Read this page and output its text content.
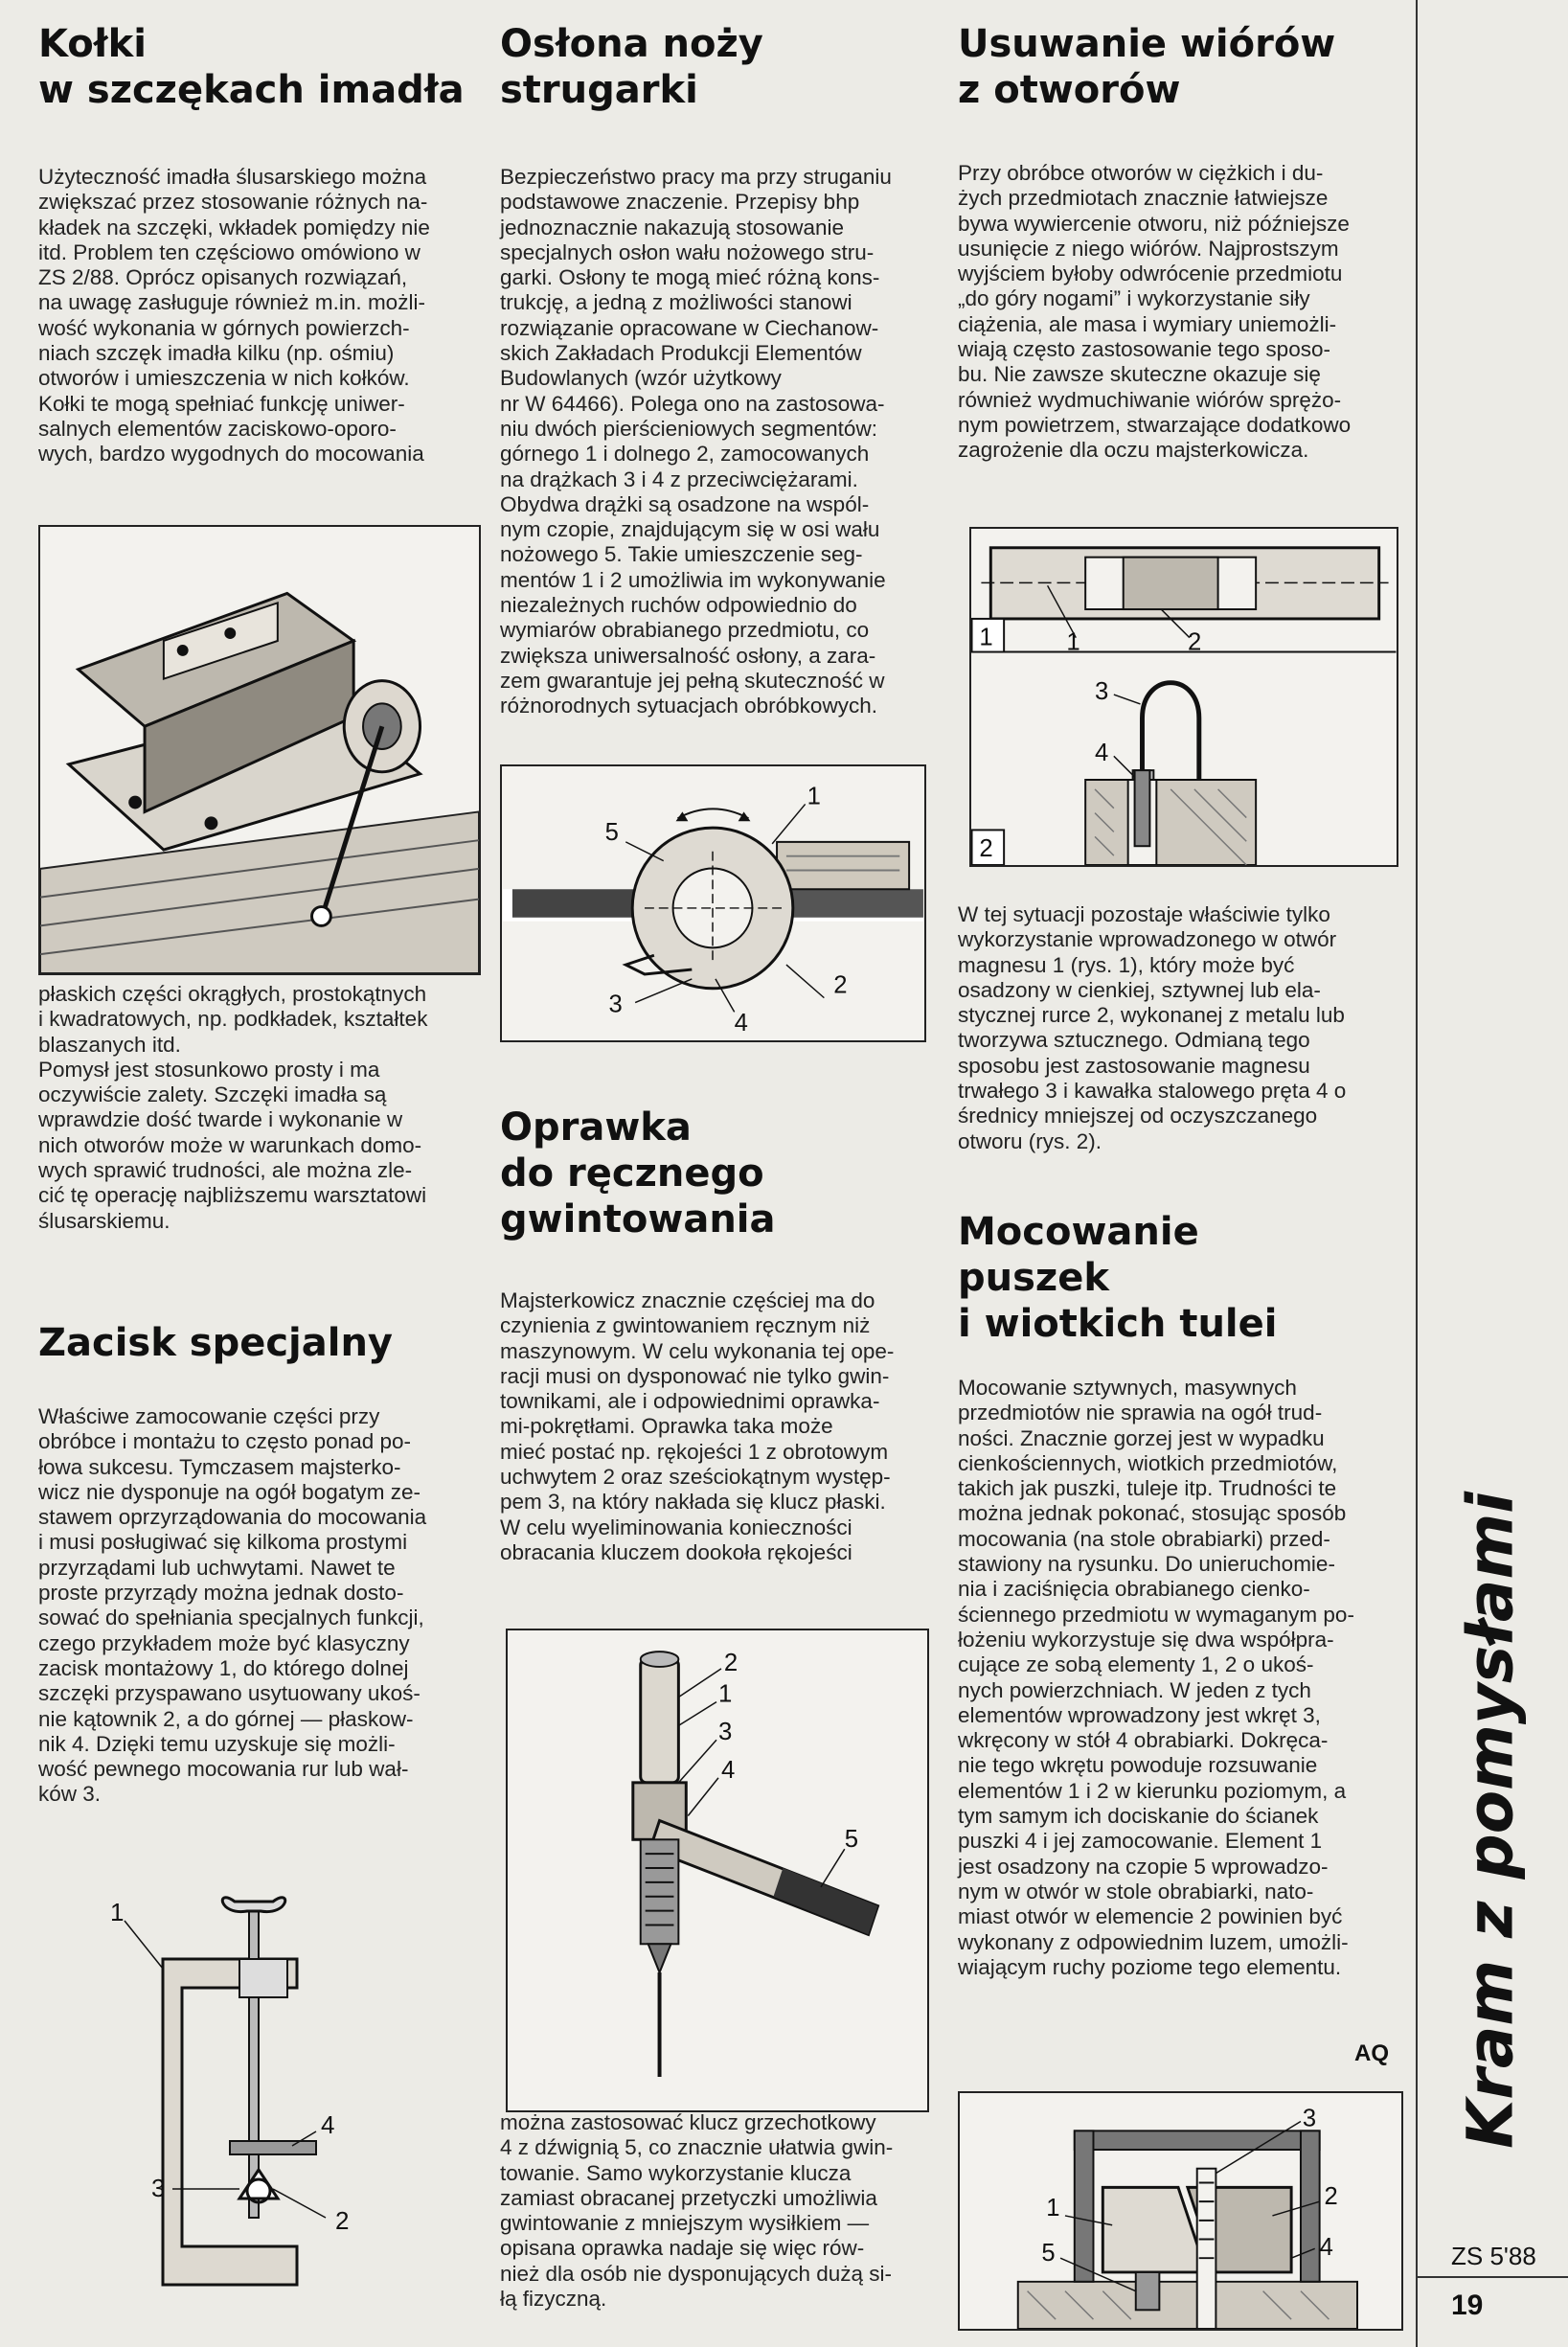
Kołki
w szczękach imadła

Użyteczność imadła ślusarskiego można
zwiększać przez stosowanie różnych na-
kładek na szczęki, wkładek pomiędzy nie
itd. Problem ten częściowo omówiono w
ZS 2/88. Oprócz opisanych rozwiązań,
na uwagę zasługuje również m.in. możli-
wość wykonania w górnych powierzch-
niach szczęk imadła kilku (np. ośmiu)
otworów i umieszczenia w nich kołków.
Kołki te mogą spełniać funkcję uniwer-
salnych elementów zaciskowo-oporo-
wych, bardzo wygodnych do mocowania

płaskich części okrągłych, prostokątnych
i kwadratowych, np. podkładek, kształtek
blaszanych itd.
Pomysł jest stosunkowo prosty i ma
oczywiście zalety. Szczęki imadła są
wprawdzie dość twarde i wykonanie w
nich otworów może w warunkach domo-
wych sprawić trudności, ale można zle-
cić tę operację najbliższemu warsztatowi
ślusarskiemu.

Zacisk specjalny

Właściwe zamocowanie części przy
obróbce i montażu to często ponad po-
łowa sukcesu. Tymczasem majsterko-
wicz nie dysponuje na ogół bogatym ze-
stawem oprzyrządowania do mocowania
i musi posługiwać się kilkoma prostymi
przyrządami lub uchwytami. Nawet te
proste przyrządy można jednak dosto-
sować do spełniania specjalnych funkcji,
czego przykładem może być klasyczny
zacisk montażowy 1, do którego dolnej
szczęki przyspawano usytuowany ukoś-
nie kątownik 2, a do górnej — płaskow-
nik 4. Dzięki temu uzyskuje się możli-
wość pewnego mocowania rur lub wał-
ków 3.

1
2
3
4
Osłona noży strugarki

Bezpieczeństwo pracy ma przy struganiu
podstawowe znaczenie. Przepisy bhp
jednoznacznie nakazują stosowanie
specjalnych osłon wału nożowego stru-
garki. Osłony te mogą mieć różną kons-
trukcję, a jedną z możliwości stanowi
rozwiązanie opracowane w Ciechanow-
skich Zakładach Produkcji Elementów
Budowlanych (wzór użytkowy
nr W 64466). Polega ono na zastosowa-
niu dwóch pierścieniowych segmentów:
górnego 1 i dolnego 2, zamocowanych
na drążkach 3 i 4 z przeciwciężarami.
Obydwa drążki są osadzone na wspól-
nym czopie, znajdującym się w osi wału
nożowego 5. Takie umieszczenie seg-
mentów 1 i 2 umożliwia im wykonywanie
niezależnych ruchów odpowiednio do
wymiarów obrabianego przedmiotu, co
zwiększa uniwersalność osłony, a zara-
zem gwarantuje jej pełną skuteczność w
różnorodnych sytuacjach obróbkowych.

1
2
3
4
5
Oprawka
do ręcznego
gwintowania

Majsterkowicz znacznie częściej ma do
czynienia z gwintowaniem ręcznym niż
maszynowym. W celu wykonania tej ope-
racji musi on dysponować nie tylko gwin-
townikami, ale i odpowiednimi oprawka-
mi-pokrętłami. Oprawka taka może
mieć postać np. rękojeści 1 z obrotowym
uchwytem 2 oraz sześciokątnym występ-
pem 3, na który nakłada się klucz płaski.
W celu wyeliminowania konieczności
obracania kluczem dookoła rękojeści

1
2
3
4
5

można zastosować klucz grzechotkowy
4 z dźwignią 5, co znacznie ułatwia gwin-
towanie. Samo wykorzystanie klucza
zamiast obracanej przetyczki umożliwia
gwintowanie z mniejszym wysiłkiem —
opisana oprawka nadaje się więc rów-
nież dla osób nie dysponujących dużą si-
łą fizyczną.

Usuwanie wiórów
z otworów

Przy obróbce otworów w ciężkich i du-
żych przedmiotach znacznie łatwiejsze
bywa wywiercenie otworu, niż późniejsze
usunięcie z niego wiórów. Najprostszym
wyjściem byłoby odwrócenie przedmiotu
„do góry nogami” i wykorzystanie siły
ciążenia, ale masa i wymiary uniemożli-
wiają często zastosowanie tego sposo-
bu. Nie zawsze skuteczne okazuje się
również wydmuchiwanie wiórów sprężo-
nym powietrzem, stwarzające dodatkowo
zagrożenie dla oczu majsterkowicza.

1	1	2
3
4
2

W tej sytuacji pozostaje właściwie tylko
wykorzystanie wprowadzonego w otwór
magnesu 1 (rys. 1), który może być
osadzony w cienkiej, sztywnej lub ela-
stycznej rurce 2, wykonanej z metalu lub
tworzywa sztucznego. Odmianą tego
sposobu jest zastosowanie magnesu
trwałego 3 i kawałka stalowego pręta 4 o
średnicy mniejszej od oczyszczanego
otworu (rys. 2).

Mocowanie
puszek
i wiotkich tulei

Mocowanie sztywnych, masywnych
przedmiotów nie sprawia na ogół trud-
ności. Znacznie gorzej jest w wypadku
cienkościennych, wiotkich przedmiotów,
takich jak puszki, tuleje itp. Trudności te
można jednak pokonać, stosując sposób
mocowania (na stole obrabiarki) przed-
stawiony na rysunku. Do unieruchomie-
nia i zaciśnięcia obrabianego cienko-
ściennego przedmiotu w wymaganym po-
łożeniu wykorzystuje się dwa współpra-
cujące ze sobą elementy 1, 2 o ukoś-
nych powierzchniach. W jeden z tych
elementów wprowadzony jest wkręt 3,
wkręcony w stół 4 obrabiarki. Dokręca-
nie tego wkrętu powoduje rozsuwanie
elementów 1 i 2 w kierunku poziomym, a
tym samym ich dociskanie do ścianek
puszki 4 i jej zamocowanie. Element 1
jest osadzony na czopie 5 wprowadzo-
nym w otwór w stole obrabiarki, nato-
miast otwór w elemencie 2 powinien być
wykonany z odpowiednim luzem, umożli-
wiającym ruchy poziome tego elementu.

AQ
1	2
3
4
5
Kram z pomysłami
ZS 5'88
19
